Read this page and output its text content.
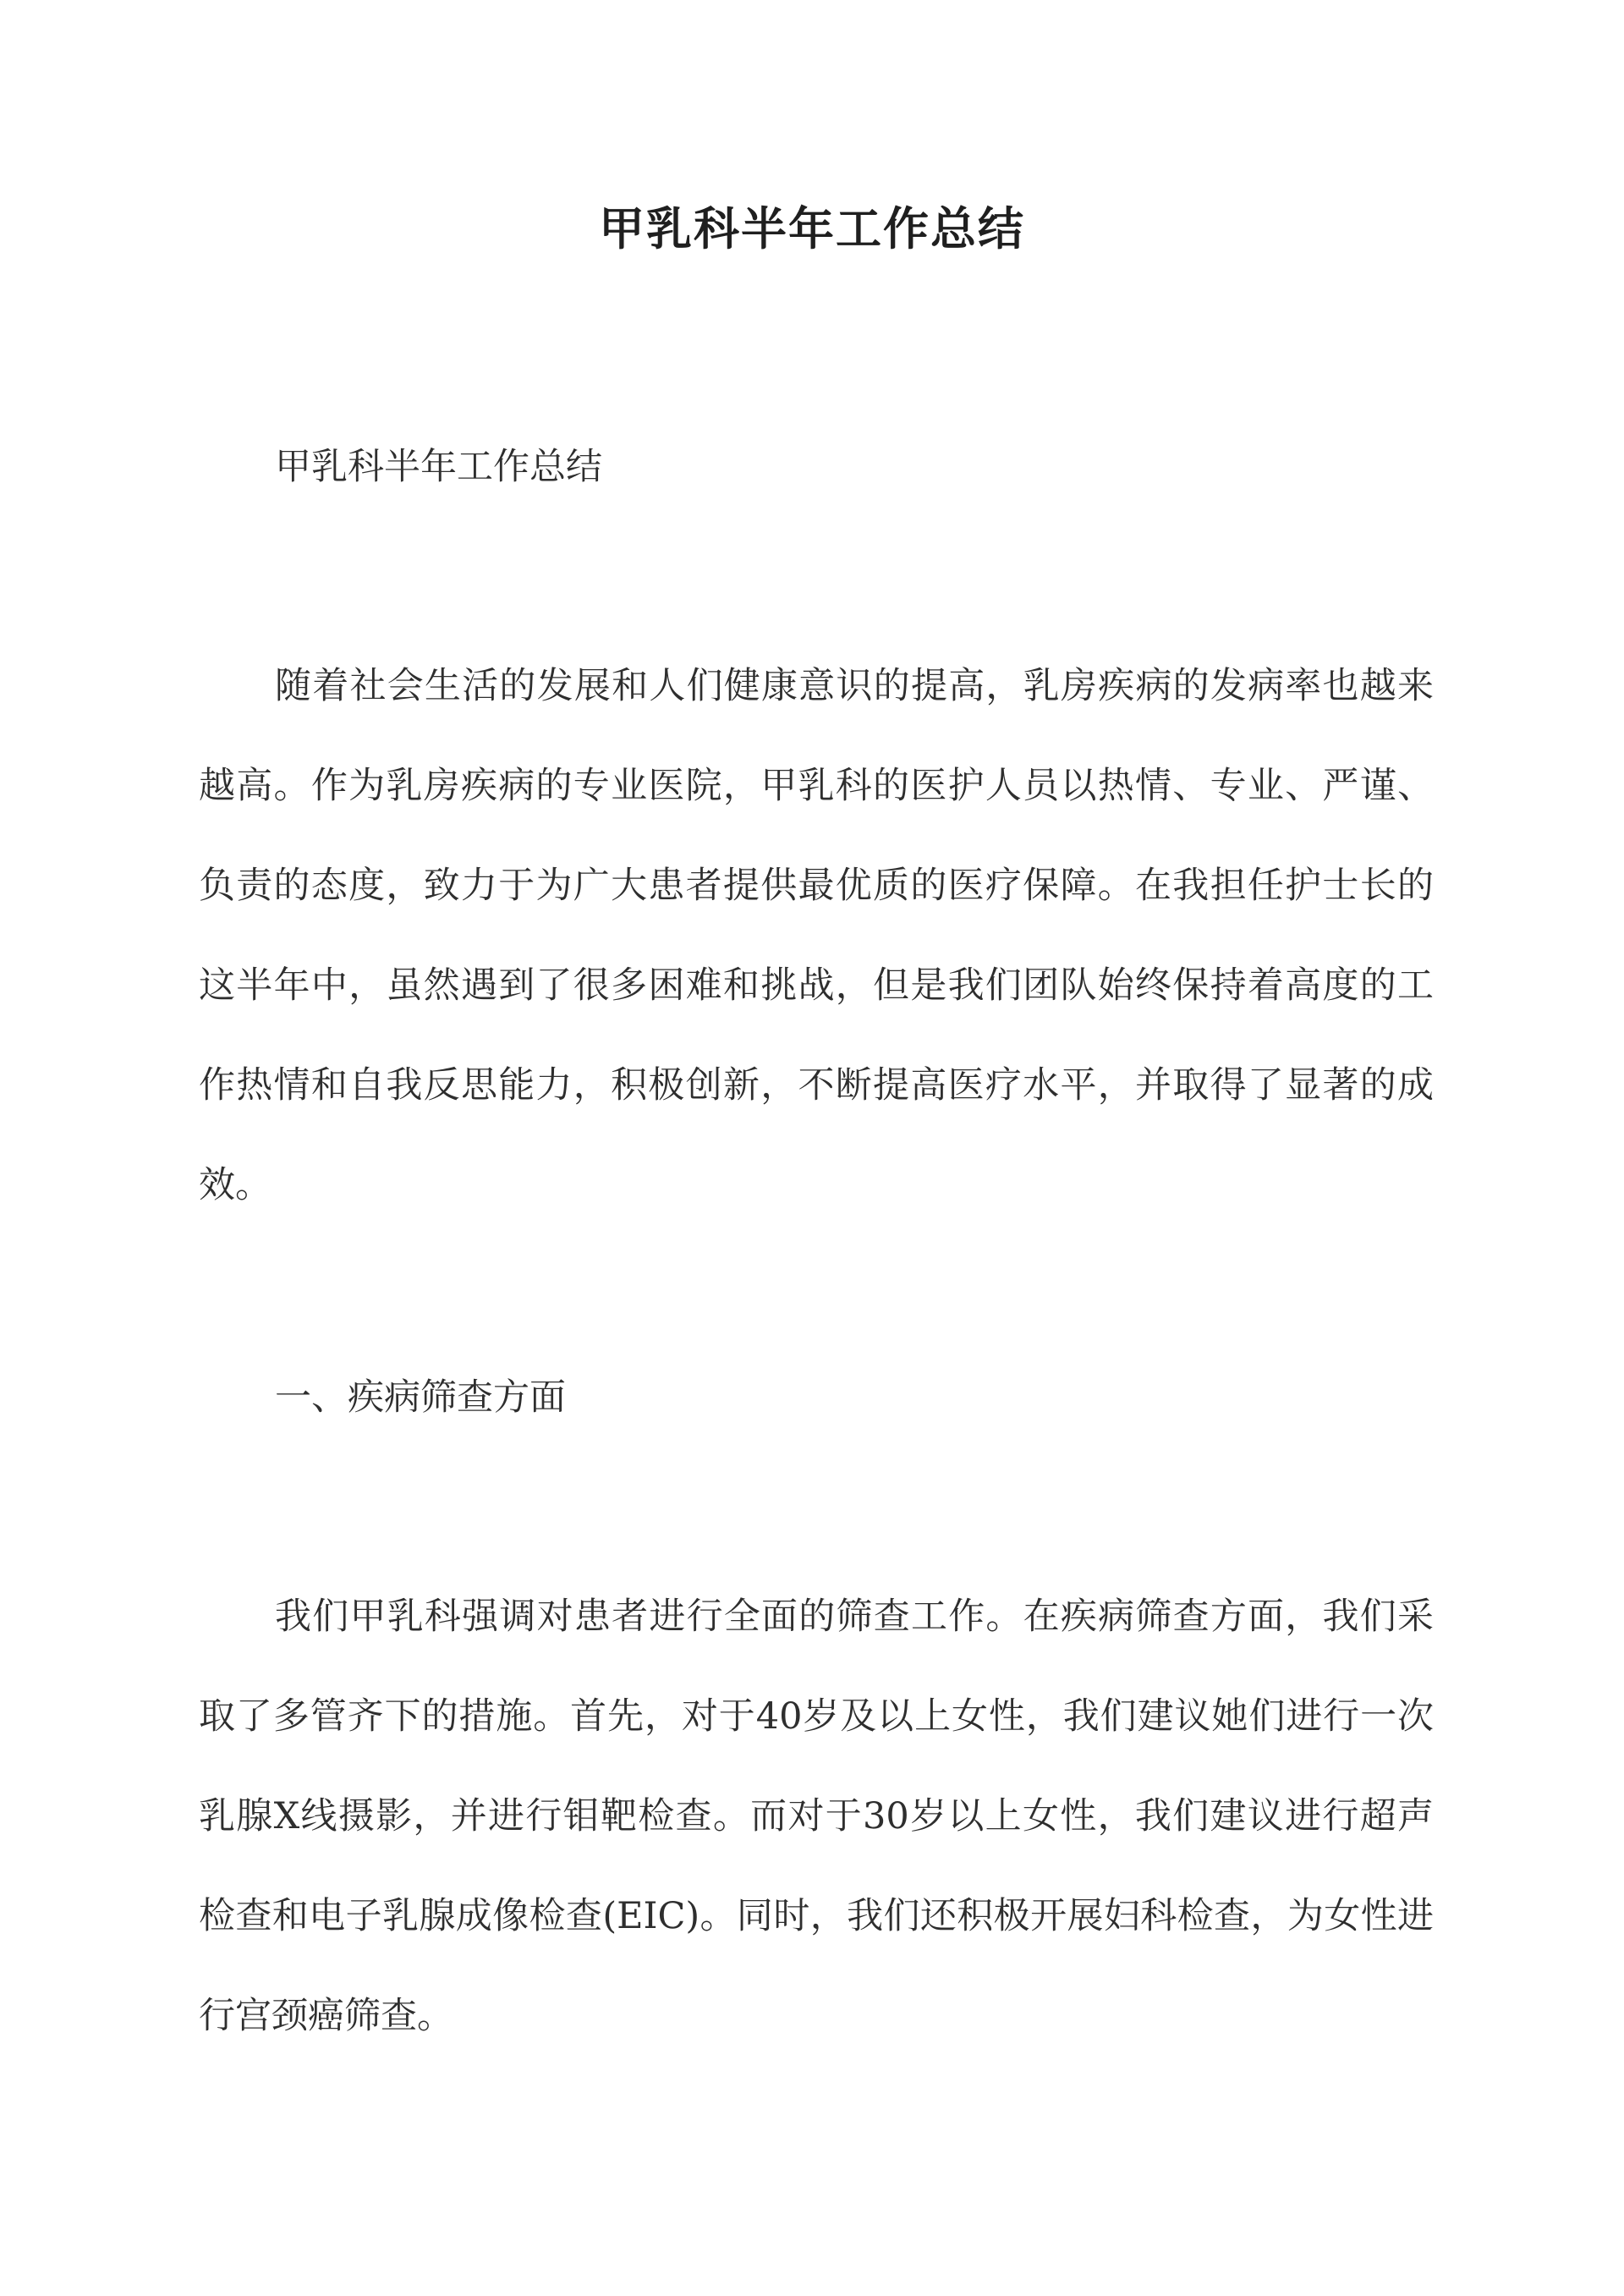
甲乳科半年工作总结

甲乳科半年工作总结

随着社会生活的发展和人们健康意识的提高，乳房疾病的发病率也越来越高。作为乳房疾病的专业医院，甲乳科的医护人员以热情、专业、严谨、负责的态度，致力于为广大患者提供最优质的医疗保障。在我担任护士长的这半年中，虽然遇到了很多困难和挑战，但是我们团队始终保持着高度的工作热情和自我反思能力，积极创新，不断提高医疗水平，并取得了显著的成效。

一、疾病筛查方面

我们甲乳科强调对患者进行全面的筛查工作。在疾病筛查方面，我们采取了多管齐下的措施。首先，对于40岁及以上女性，我们建议她们进行一次乳腺X线摄影，并进行钼靶检查。而对于30岁以上女性，我们建议进行超声检查和电子乳腺成像检查(EIC)。同时，我们还积极开展妇科检查，为女性进行宫颈癌筛查。
